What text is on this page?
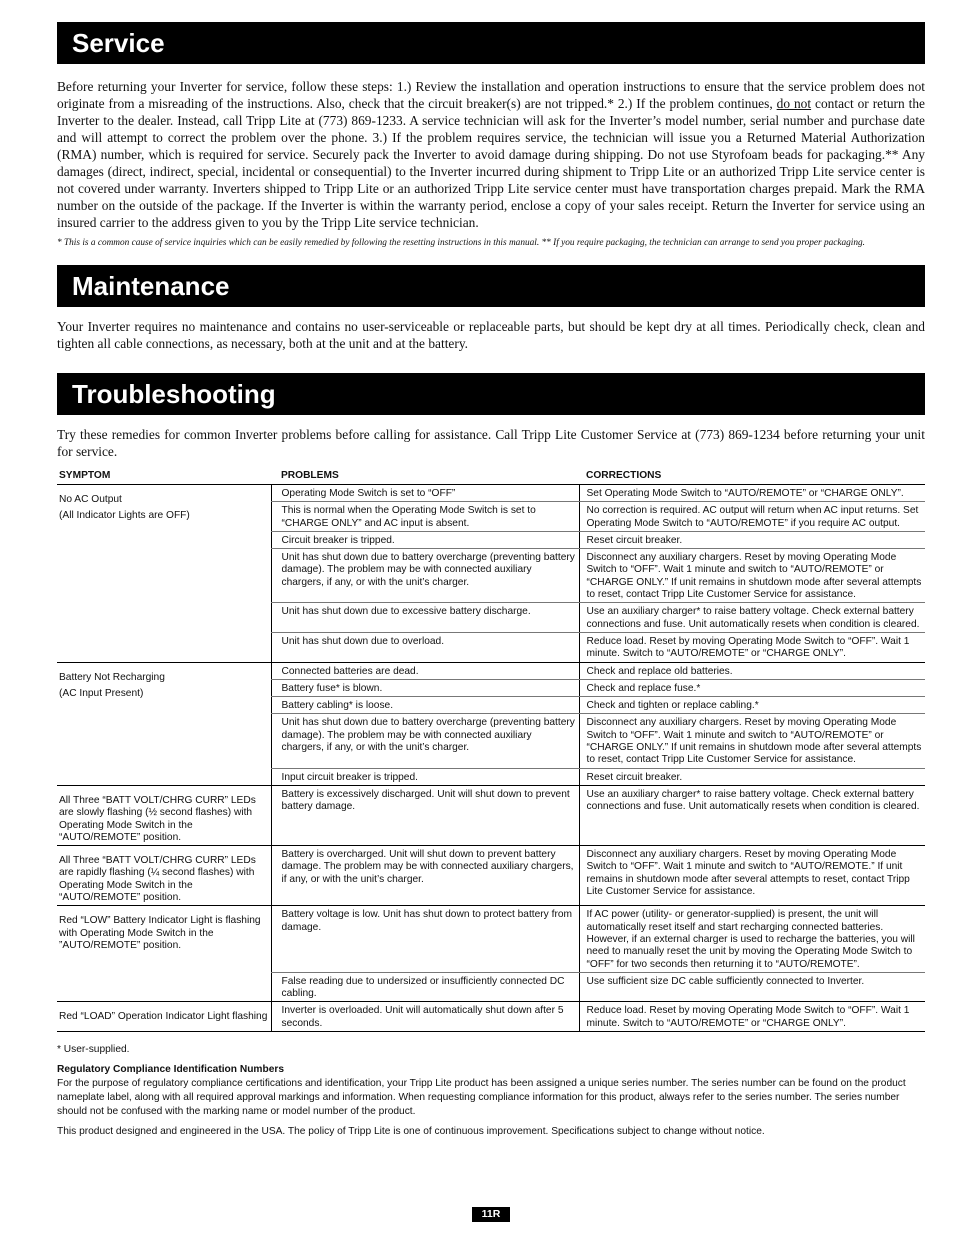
Service

Before returning your Inverter for service, follow these steps: 1.) Review the installation and operation instructions to ensure that the service problem does not originate from a misreading of the instructions. Also, check that the circuit breaker(s) are not tripped.* 2.) If the problem continues, do not contact or return the Inverter to the dealer. Instead, call Tripp Lite at (773) 869-1233. A service technician will ask for the Inverter’s model number, serial number and purchase date and will attempt to correct the problem over the phone. 3.) If the problem requires service, the technician will issue you a Returned Material Authorization (RMA) number, which is required for service. Securely pack the Inverter to avoid damage during shipping. Do not use Styrofoam beads for packaging.** Any damages (direct, indirect, special, incidental or consequential) to the Inverter incurred during shipment to Tripp Lite or an authorized Tripp Lite service center is not covered under warranty. Inverters shipped to Tripp Lite or an authorized Tripp Lite service center must have transportation charges prepaid. Mark the RMA number on the outside of the package. If the Inverter is within the warranty period, enclose a copy of your sales receipt. Return the Inverter for service using an insured carrier to the address given to you by the Tripp Lite service technician.

* This is a common cause of service inquiries which can be easily remedied by following the resetting instructions in this manual. ** If you require packaging, the technician can arrange to send you proper packaging.

Maintenance

Your Inverter requires no maintenance and contains no user-serviceable or replaceable parts, but should be kept dry at all times. Periodically check, clean and tighten all cable connections, as necessary, both at the unit and at the battery.

Troubleshooting

Try these remedies for common Inverter problems before calling for assistance. Call Tripp Lite Customer Service at (773) 869-1234 before returning your unit for service.

SYMPTOM	PROBLEMS	CORRECTIONS

No AC Output
(All Indicator Lights are OFF)	Operating Mode Switch is set to “OFF”	Set Operating Mode Switch to “AUTO/REMOTE” or “CHARGE ONLY”.
	This is normal when the Operating Mode Switch is set to “CHARGE ONLY” and AC input is absent.	No correction is required. AC output will return when AC input returns. Set Operating Mode Switch to “AUTO/REMOTE” if you require AC output.
	Circuit breaker is tripped.	Reset circuit breaker.
	Unit has shut down due to battery overcharge (preventing battery damage). The problem may be with connected auxiliary chargers, if any, or with the unit’s charger.	Disconnect any auxiliary chargers. Reset by moving Operating Mode Switch to “OFF”. Wait 1 minute and switch to “AUTO/REMOTE” or “CHARGE ONLY.” If unit remains in shutdown mode after several attempts to reset, contact Tripp Lite Customer Service for assistance.
	Unit has shut down due to excessive battery discharge.	Use an auxiliary charger* to raise battery voltage. Check external battery connections and fuse. Unit automatically resets when condition is cleared.
	Unit has shut down due to overload.	Reduce load. Reset by moving Operating Mode Switch to “OFF”. Wait 1 minute. Switch to “AUTO/REMOTE” or “CHARGE ONLY”.

Battery Not Recharging
(AC Input Present)	Connected batteries are dead.	Check and replace old batteries.
	Battery fuse* is blown.	Check and replace fuse.*
	Battery cabling* is loose.	Check and tighten or replace cabling.*
	Unit has shut down due to battery overcharge (preventing battery damage). The problem may be with connected auxiliary chargers, if any, or with the unit’s charger.	Disconnect any auxiliary chargers. Reset by moving Operating Mode Switch to “OFF”. Wait 1 minute and switch to “AUTO/REMOTE” or “CHARGE ONLY.” If unit remains in shutdown mode after several attempts to reset, contact Tripp Lite Customer Service for assistance.
	Input circuit breaker is tripped.	Reset circuit breaker.

All Three “BATT VOLT/CHRG CURR” LEDs are slowly flashing (½ second flashes) with Operating Mode Switch in the “AUTO/REMOTE” position.	Battery is excessively discharged. Unit will shut down to prevent battery damage.	Use an auxiliary charger* to raise battery voltage. Check external battery connections and fuse. Unit automatically resets when condition is cleared.

All Three “BATT VOLT/CHRG CURR” LEDs are rapidly flashing (¼ second flashes) with Operating Mode Switch in the “AUTO/REMOTE” position.	Battery is overcharged. Unit will shut down to prevent battery damage. The problem may be with connected auxiliary chargers, if any, or with the unit’s charger.	Disconnect any auxiliary chargers. Reset by moving Operating Mode Switch to “OFF”. Wait 1 minute and switch to “AUTO/REMOTE.” If unit remains in shutdown mode after several attempts to reset, contact Tripp Lite Customer Service for assistance.

Red “LOW” Battery Indicator Light is flashing with Operating Mode Switch in the ”AUTO/REMOTE” position.	Battery voltage is low. Unit has shut down to protect battery from damage.	If AC power (utility- or generator-supplied) is present, the unit will automatically reset itself and start recharging connected batteries. However, if an external charger is used to recharge the batteries, you will need to manually reset the unit by moving the Operating Mode Switch to “OFF” for two seconds then returning it to “AUTO/REMOTE”.
	False reading due to undersized or insufficiently connected DC cabling.	Use sufficient size DC cable sufficiently connected to Inverter.

Red “LOAD” Operation Indicator Light flashing	Inverter is overloaded. Unit will automatically shut down after 5 seconds.	Reduce load. Reset by moving Operating Mode Switch to “OFF”. Wait 1 minute. Switch to “AUTO/REMOTE” or “CHARGE ONLY”.

* User-supplied.

Regulatory Compliance Identification Numbers

For the purpose of regulatory compliance certifications and identification, your Tripp Lite product has been assigned a unique series number. The series number can be found on the product nameplate label, along with all required approval markings and information. When requesting compliance information for this product, always refer to the series number. The series number should not be confused with the marking name or model number of the product.

This product designed and engineered in the USA. The policy of Tripp Lite is one of continuous improvement. Specifications subject to change without notice.

11R
